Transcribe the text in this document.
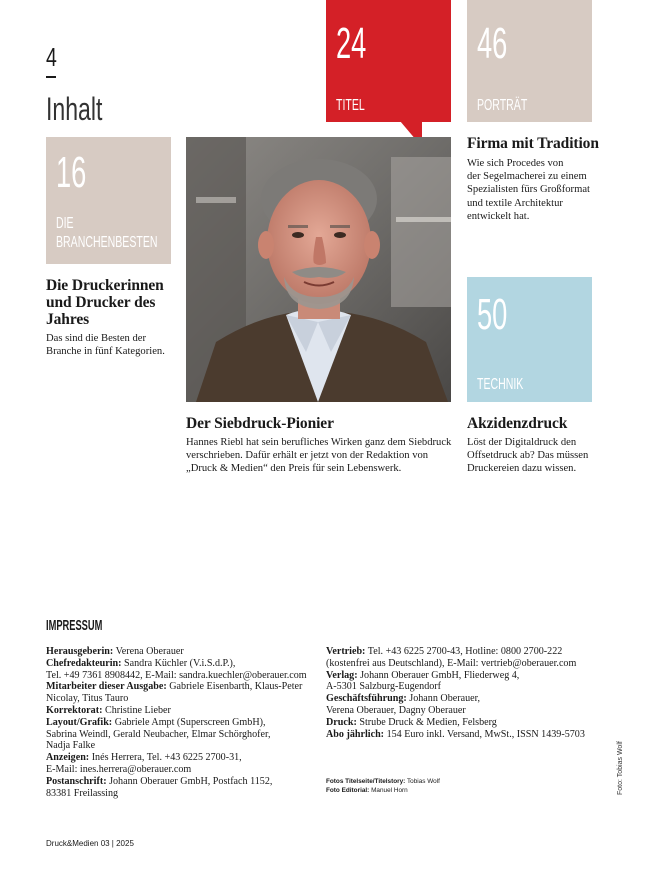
4
Inhalt
16
DIE
BRANCHENBESTEN
24
TITEL
46
PORTRÄT
50
TECHNIK
Die Druckerinnen
und Drucker des
Jahres
Das sind die Besten der
Branche in fünf Kategorien.
Der Siebdruck-Pionier
Hannes Riebl hat sein berufliches Wirken ganz dem Siebdruck
verschrieben. Dafür erhält er jetzt von der Redaktion von
„Druck & Medien“ den Preis für sein Lebenswerk.
Firma mit Tradition
Wie sich Procedes von
der Segelmacherei zu einem
Spezialisten fürs Großformat
und textile Architektur
entwickelt hat.
Akzidenzdruck
Löst der Digitaldruck den
Offsetdruck ab? Das müssen
Druckereien dazu wissen.
IMPRESSUM
Herausgeberin: Verena Oberauer
Chefredakteurin: Sandra Küchler (V.i.S.d.P.),
Tel. +49 7361 8908442, E-Mail: sandra.kuechler@oberauer.com
Mitarbeiter dieser Ausgabe: Gabriele Eisenbarth, Klaus-Peter
Nicolay, Titus Tauro
Korrektorat: Christine Lieber
Layout/Grafik: Gabriele Ampt (Superscreen GmbH),
Sabrina Weindl, Gerald Neubacher, Elmar Schörghofer,
Nadja Falke
Anzeigen: Inés Herrera, Tel. +43 6225 2700-31,
E-Mail: ines.herrera@oberauer.com
Postanschrift: Johann Oberauer GmbH, Postfach 1152,
83381 Freilassing
Vertrieb: Tel. +43 6225 2700-43, Hotline: 0800 2700-222
(kostenfrei aus Deutschland), E-Mail: vertrieb@oberauer.com
Verlag: Johann Oberauer GmbH, Fliederweg 4,
A-5301 Salzburg-Eugendorf
Geschäftsführung: Johann Oberauer,
Verena Oberauer, Dagny Oberauer
Druck: Strube Druck & Medien, Felsberg
Abo jährlich: 154 Euro inkl. Versand, MwSt., ISSN 1439-5703
Fotos Titelseite/Titelstory: Tobias Wolf
Foto Editorial: Manuel Horn	Foto: Tobias Wolf
Druck&Medien 03 | 2025
